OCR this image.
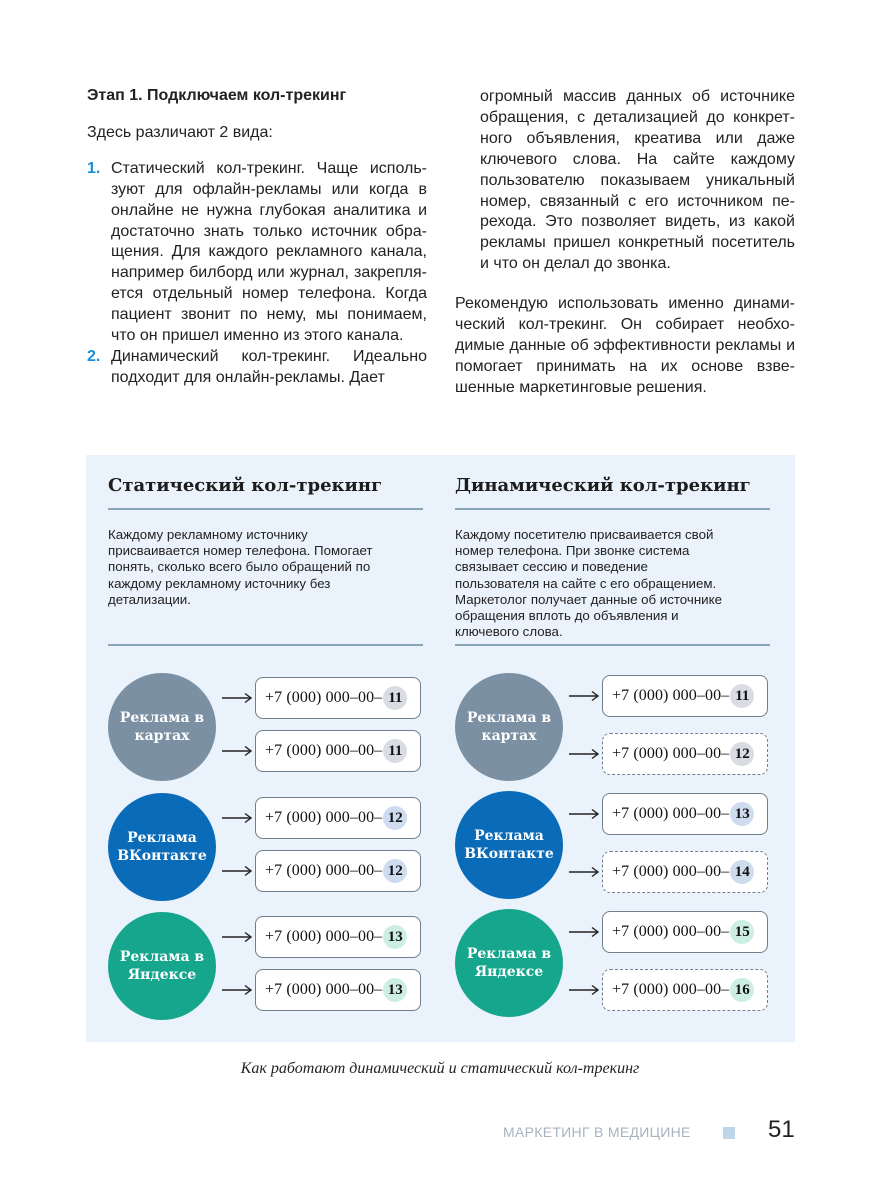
Этап 1. Подключаем кол-трекинг

Здесь различают 2 вида:
1. Статический кол-трекинг. Чаще используют для офлайн-рекламы или когда в онлайне не нужна глубокая аналитика и достаточно знать только источник обращения. Для каждого рекламного канала, например билборд или журнал, закрепляется отдельный номер телефона. Когда пациент звонит по нему, мы понимаем, что он пришел именно из этого канала.
2. Динамический кол-трекинг. Идеально подходит для онлайн-рекламы. Дает
огромный массив данных об источнике обращения, с детализацией до конкретного объявления, креатива или даже ключевого слова. На сайте каждому пользователю показываем уникальный номер, связанный с его источником перехода. Это позволяет видеть, из какой рекламы пришел конкретный посетитель и что он делал до звонка.
Рекомендую использовать именно динамический кол-трекинг. Он собирает необходимые данные об эффективности рекламы и помогает принимать на их основе взвешенные маркетинговые решения.
Статический кол-трекинг
Каждому рекламному источнику присваивается номер телефона. Помогает понять, сколько всего было обращений по каждому рекламному источнику без детализации.
Реклама в картах
+7 (000) 000–00– 11
+7 (000) 000–00– 11
Реклама ВКонтакте
+7 (000) 000–00– 12
+7 (000) 000–00– 12
Реклама в Яндексе
+7 (000) 000–00– 13
+7 (000) 000–00– 13
Динамический кол-трекинг
Каждому посетителю присваивается свой номер телефона. При звонке система связывает сессию и поведение пользователя на сайте с его обращением. Маркетолог получает данные об источнике обращения вплоть до объявления и ключевого слова.
Реклама в картах
+7 (000) 000–00– 11
+7 (000) 000–00– 12
Реклама ВКонтакте
+7 (000) 000–00– 13
+7 (000) 000–00– 14
Реклама в Яндексе
+7 (000) 000–00– 15
+7 (000) 000–00– 16
Как работают динамический и статический кол-трекинг
МАРКЕТИНГ В МЕДИЦИНЕ	51
